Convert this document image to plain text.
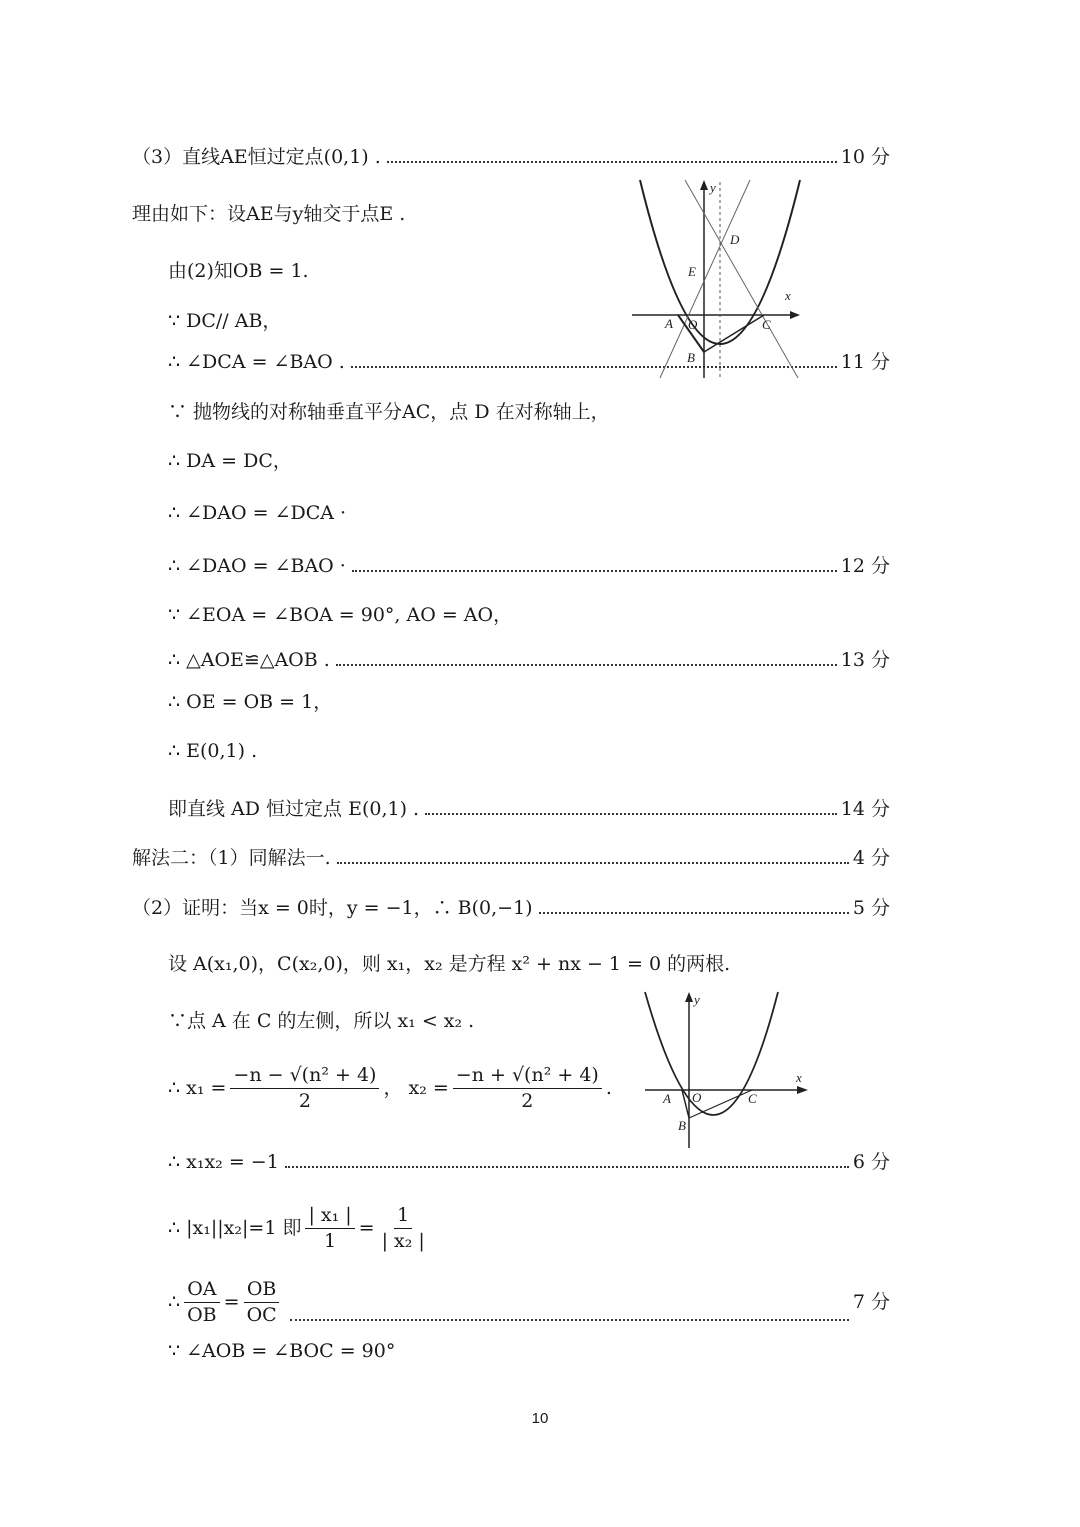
（3）直线AE恒过定点(0,1) .	10 分
理由如下：设AE与y轴交于点E .
由(2)知OB = 1.
∵ DC// AB，
∴ ∠DCA = ∠BAO .	11 分
∵ 抛物线的对称轴垂直平分AC，点 D 在对称轴上，
∴ DA = DC，
∴ ∠DAO = ∠DCA ·
∴ ∠DAO = ∠BAO ·	12 分
∵ ∠EOA = ∠BOA = 90°, AO = AO，
∴ △AOE≌△AOB .	13 分
∴ OE = OB = 1，
∴ E(0,1) .
即直线 AD 恒过定点 E(0,1) .	14 分
解法二：（1）同解法一.	4 分
（2）证明：当x = 0时，y = −1，∴ B(0,−1)	5 分
设 A(x₁,0)，C(x₂,0)，则 x₁，x₂ 是方程 x² + nx − 1 = 0 的两根.
∵点 A 在 C 的左侧，所以 x₁ < x₂ .
∴ $x_1 = \frac{\text{−n − √(n² + 4)}}{2}$ ， $x_2 = \frac{\text{−n + √(n² + 4)}}{2}$ .
∴ x₁x₂ = −1	6 分
∴ |x₁||x₂|=1 即 $\frac{\text{| x₁ |}}{1} = \frac{1}{\text{| x₂ |}}$
∴ $\frac{OA}{OB} = \frac{OB}{OC}$	7 分
∵ ∠AOB = ∠BOC = 90°
y
x
D
E
A O	C
B
y
x
A O	C
B
10
